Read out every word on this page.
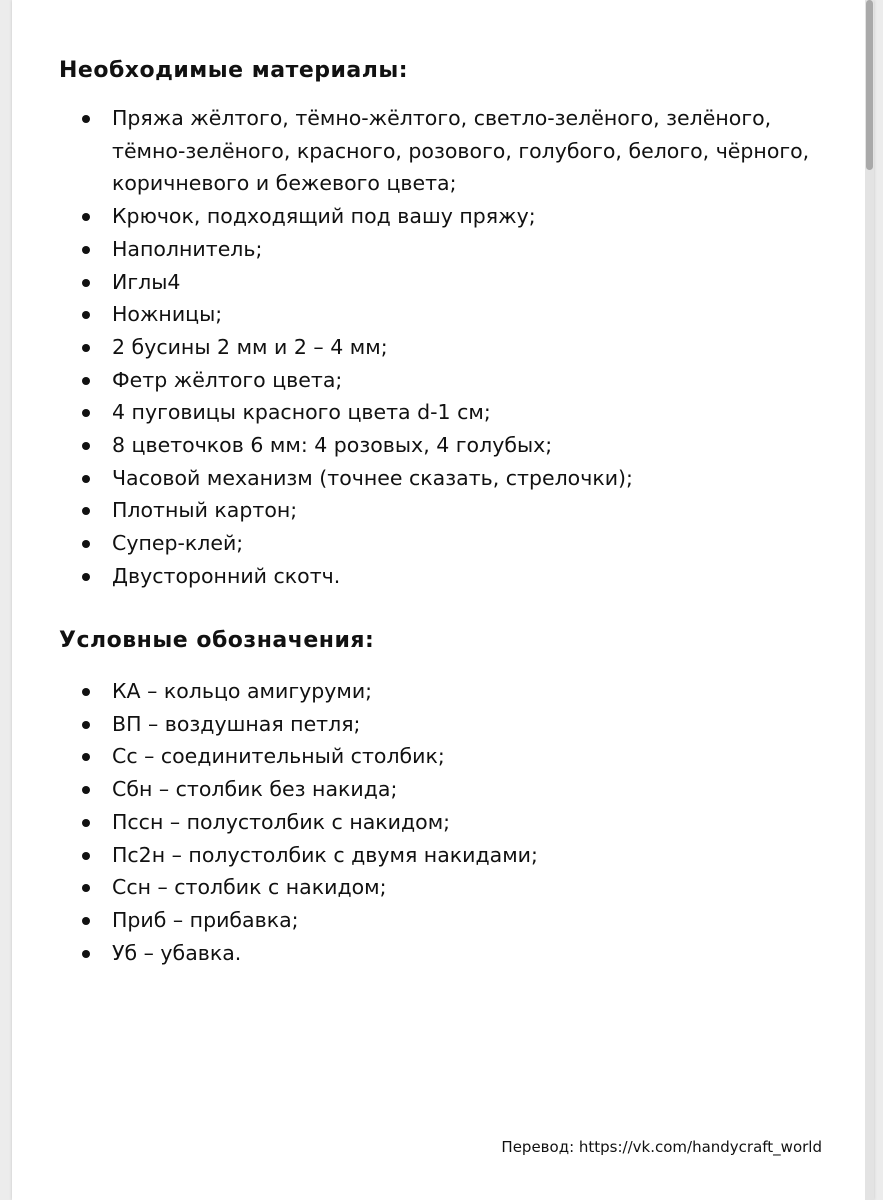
Необходимые материалы:
Пряжа жёлтого, тёмно-жёлтого, светло-зелёного, зелёного, тёмно-зелёного, красного, розового, голубого, белого, чёрного, коричневого и бежевого цвета;
Крючок, подходящий под вашу пряжу;
Наполнитель;
Иглы4
Ножницы;
2 бусины 2 мм и 2 – 4 мм;
Фетр жёлтого цвета;
4 пуговицы красного цвета d-1 см;
8 цветочков 6 мм: 4 розовых, 4 голубых;
Часовой механизм (точнее сказать, стрелочки);
Плотный картон;
Супер-клей;
Двусторонний скотч.
Условные обозначения:
КА – кольцо амигуруми;
ВП – воздушная петля;
Сс – соединительный столбик;
Сбн – столбик без накида;
Пссн – полустолбик с накидом;
Пс2н – полустолбик с двумя накидами;
Ссн – столбик с накидом;
Приб – прибавка;
Уб – убавка.
Перевод: https://vk.com/handycraft_world
